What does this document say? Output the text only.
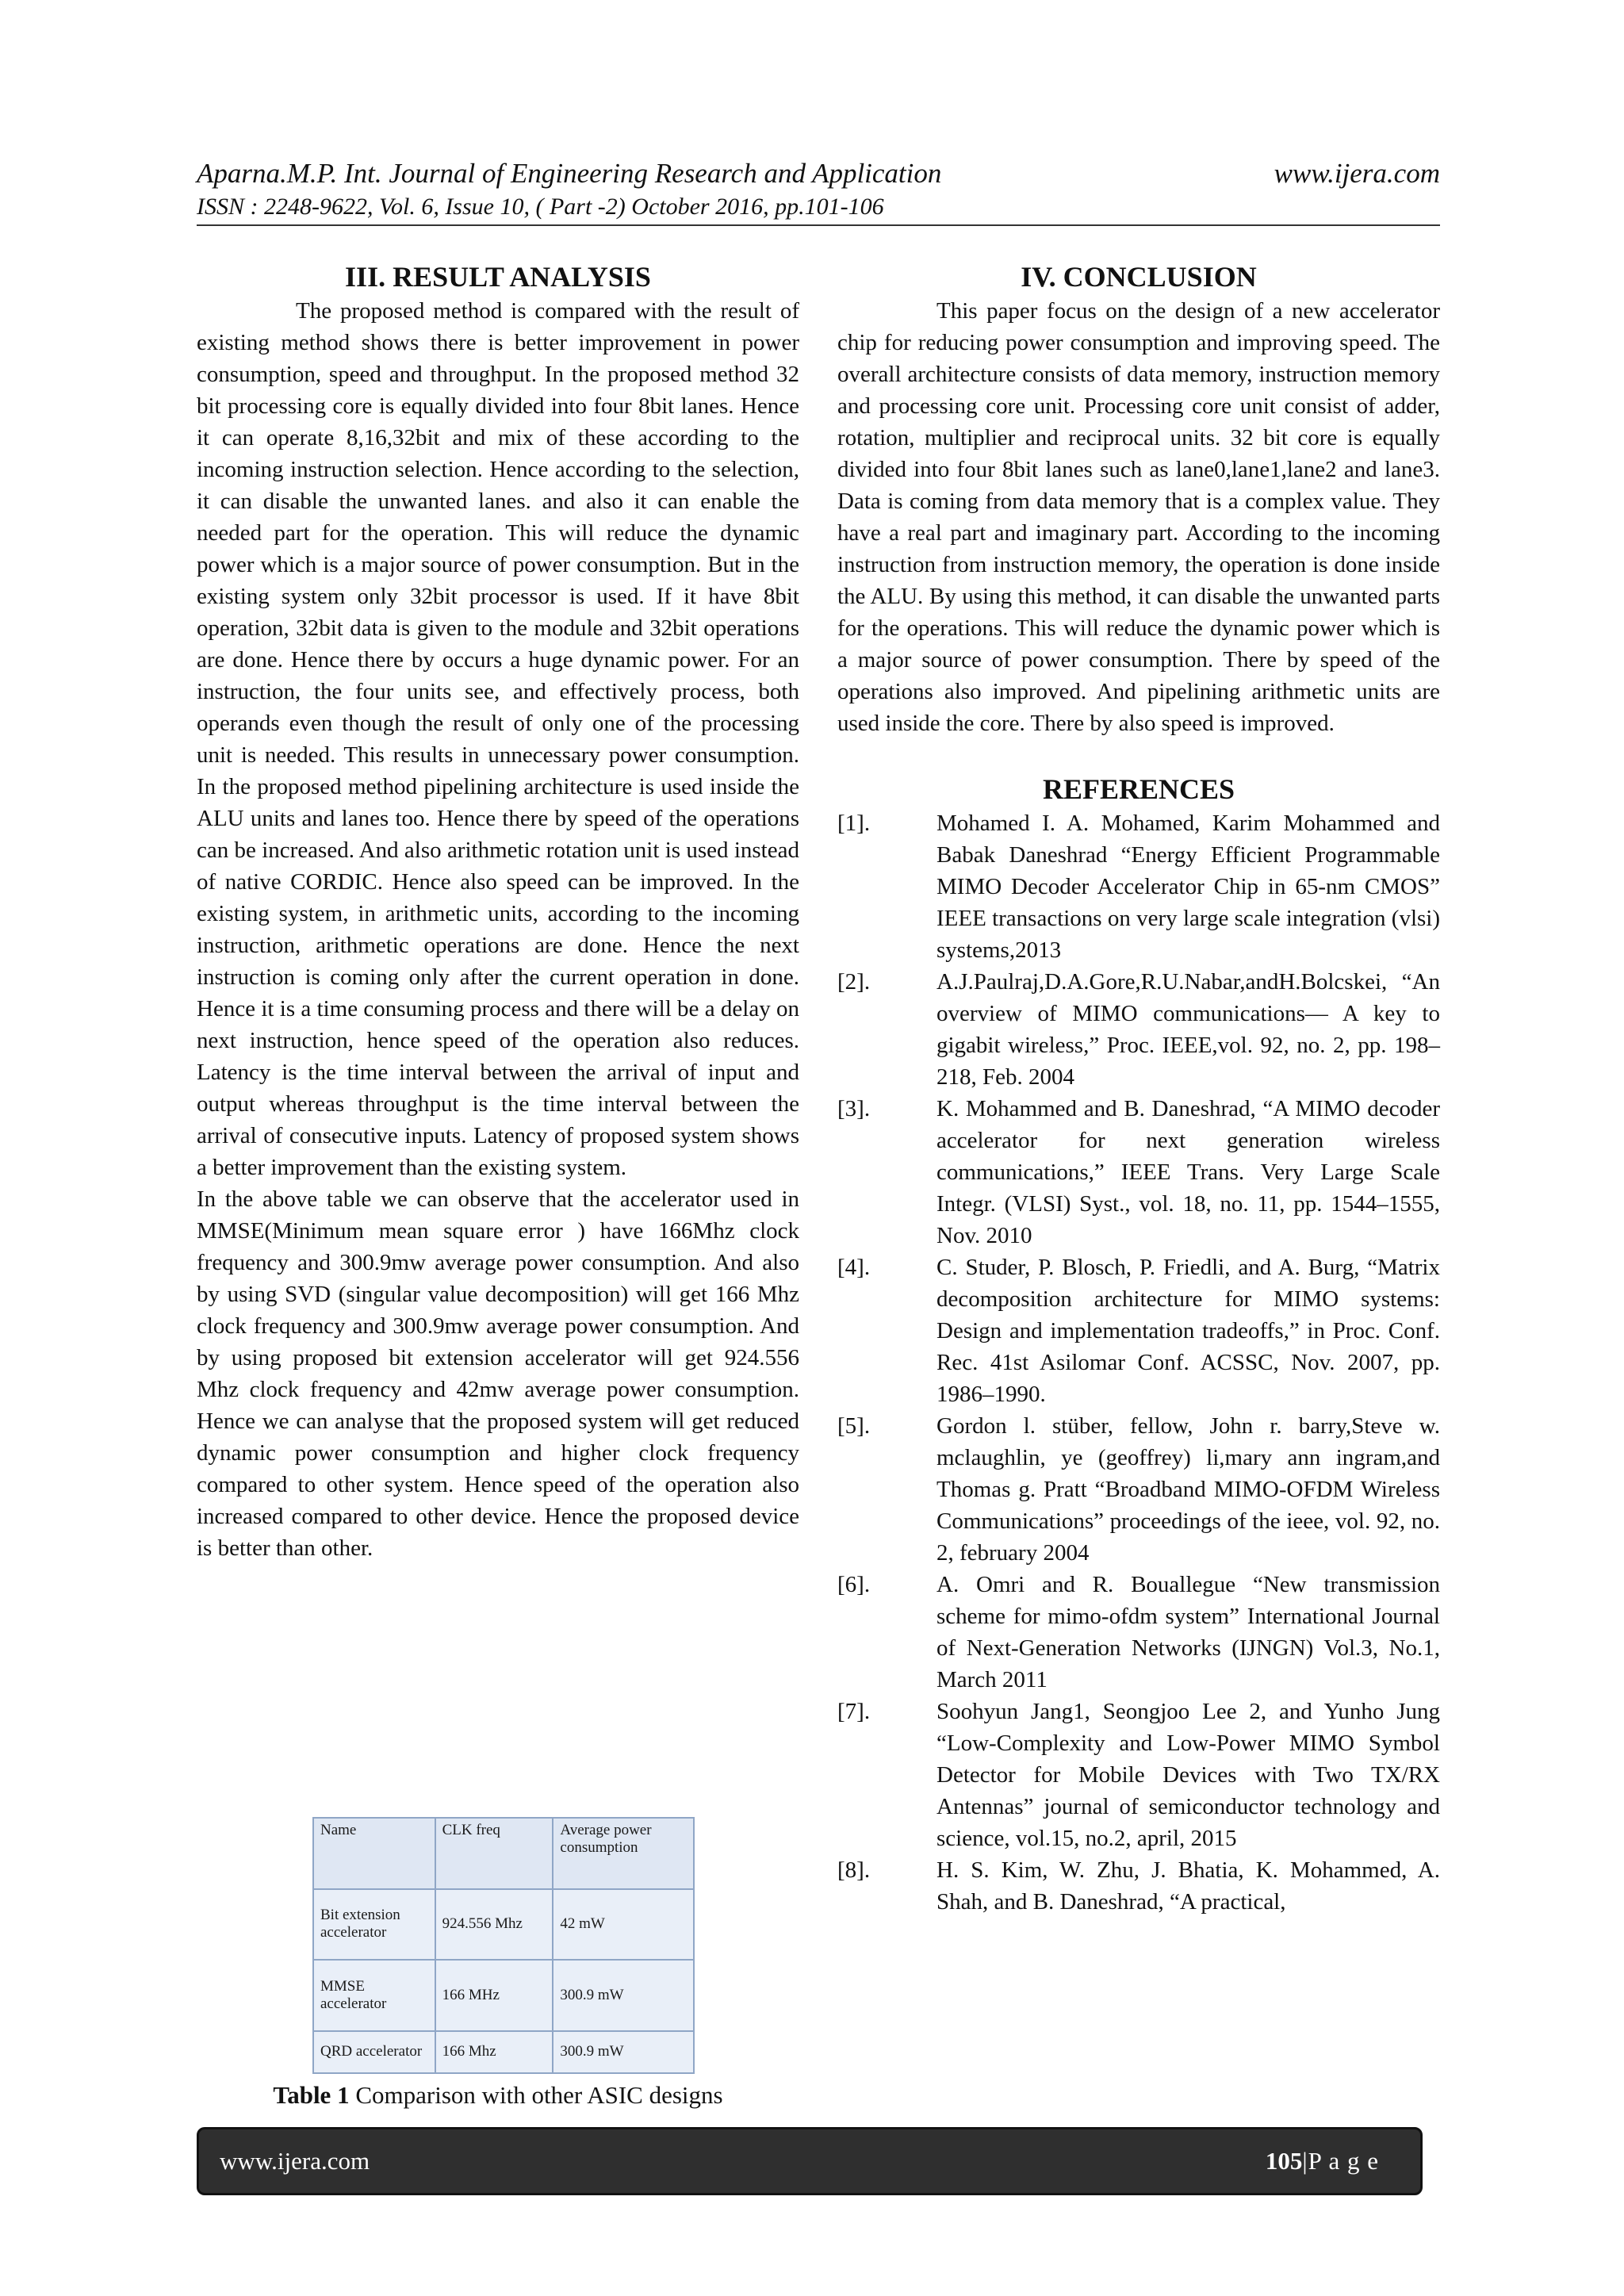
Aparna.M.P. Int. Journal of Engineering Research and Application	www.ijera.com
ISSN : 2248-9622, Vol. 6, Issue 10, ( Part -2) October 2016, pp.101-106
III. RESULT ANALYSIS

The proposed method is compared with the result of existing method shows there is better improvement in power consumption, speed and throughput. In the proposed method 32 bit processing core is equally divided into four 8bit lanes. Hence it can operate 8,16,32bit and mix of these according to the incoming instruction selection. Hence according to the selection, it can disable the unwanted lanes. and also it can enable the needed part for the operation. This will reduce the dynamic power which is a major source of power consumption. But in the existing system only 32bit processor is used. If it have 8bit operation, 32bit data is given to the module and 32bit operations are done. Hence there by occurs a huge dynamic power. For an instruction, the four units see, and effectively process, both operands even though the result of only one of the processing unit is needed. This results in unnecessary power consumption. In the proposed method pipelining architecture is used inside the ALU units and lanes too. Hence there by speed of the operations can be increased. And also arithmetic rotation unit is used instead of native CORDIC. Hence also speed can be improved. In the existing system, in arithmetic units, according to the incoming instruction, arithmetic operations are done. Hence the next instruction is coming only after the current operation in done. Hence it is a time consuming process and there will be a delay on next instruction, hence speed of the operation also reduces. Latency is the time interval between the arrival of input and output whereas throughput is the time interval between the arrival of consecutive inputs. Latency of proposed system shows a better improvement than the existing system.

In the above table we can observe that the accelerator used in MMSE(Minimum mean square error ) have 166Mhz clock frequency and 300.9mw average power consumption. And also by using SVD (singular value decomposition) will get 166 Mhz clock frequency and 300.9mw average power consumption. And by using proposed bit extension accelerator will get 924.556 Mhz clock frequency and 42mw average power consumption. Hence we can analyse that the proposed system will get reduced dynamic power consumption and higher clock frequency compared to other system. Hence speed of the operation also increased compared to other device. Hence the proposed device is better than other.

Name	CLK freq	Average power consumption
Bit extension accelerator	924.556 Mhz	42 mW
MMSE accelerator	166 MHz	300.9 mW
QRD accelerator	166 Mhz	300.9 mW
Table 1 Comparison with other ASIC designs
IV. CONCLUSION

This paper focus on the design of a new accelerator chip for reducing power consumption and improving speed. The overall architecture consists of data memory, instruction memory and processing core unit. Processing core unit consist of adder, rotation, multiplier and reciprocal units. 32 bit core is equally divided into four 8bit lanes such as lane0,lane1,lane2 and lane3. Data is coming from data memory that is a complex value. They have a real part and imaginary part. According to the incoming instruction from instruction memory, the operation is done inside the ALU. By using this method, it can disable the unwanted parts for the operations. This will reduce the dynamic power which is a major source of power consumption. There by speed of the operations also improved. And pipelining arithmetic units are used inside the core. There by also speed is improved.

REFERENCES
[1].	Mohamed I. A. Mohamed, Karim Mohammed and Babak Daneshrad “Energy Efficient Programmable MIMO Decoder Accelerator Chip in 65-nm CMOS” IEEE transactions on very large scale integration (vlsi) systems,2013
[2].	A.J.Paulraj,D.A.Gore,R.U.Nabar,andH.Bolcskei, “An overview of MIMO communications— A key to gigabit wireless,” Proc. IEEE,vol. 92, no. 2, pp. 198–218, Feb. 2004
[3].	K. Mohammed and B. Daneshrad, “A MIMO decoder accelerator for next generation wireless communications,” IEEE Trans. Very Large Scale Integr. (VLSI) Syst., vol. 18, no. 11, pp. 1544–1555, Nov. 2010
[4].	C. Studer, P. Blosch, P. Friedli, and A. Burg, “Matrix decomposition architecture for MIMO systems: Design and implementation tradeoffs,” in Proc. Conf. Rec. 41st Asilomar Conf. ACSSC, Nov. 2007, pp. 1986–1990.
[5].	Gordon l. stüber, fellow, John r. barry,Steve w. mclaughlin, ye (geoffrey) li,mary ann ingram,and Thomas g. Pratt “Broadband MIMO-OFDM Wireless Communications” proceedings of the ieee, vol. 92, no. 2, february 2004
[6].	A. Omri and R. Bouallegue “New transmission scheme for mimo-ofdm system” International Journal of Next-Generation Networks (IJNGN) Vol.3, No.1, March 2011
[7].	Soohyun Jang1, Seongjoo Lee 2, and Yunho Jung “Low-Complexity and Low-Power MIMO Symbol Detector for Mobile Devices with Two TX/RX Antennas” journal of semiconductor technology and science, vol.15, no.2, april, 2015
[8].	H. S. Kim, W. Zhu, J. Bhatia, K. Mohammed, A. Shah, and B. Daneshrad, “A practical,
www.ijera.com	105|P a g e
